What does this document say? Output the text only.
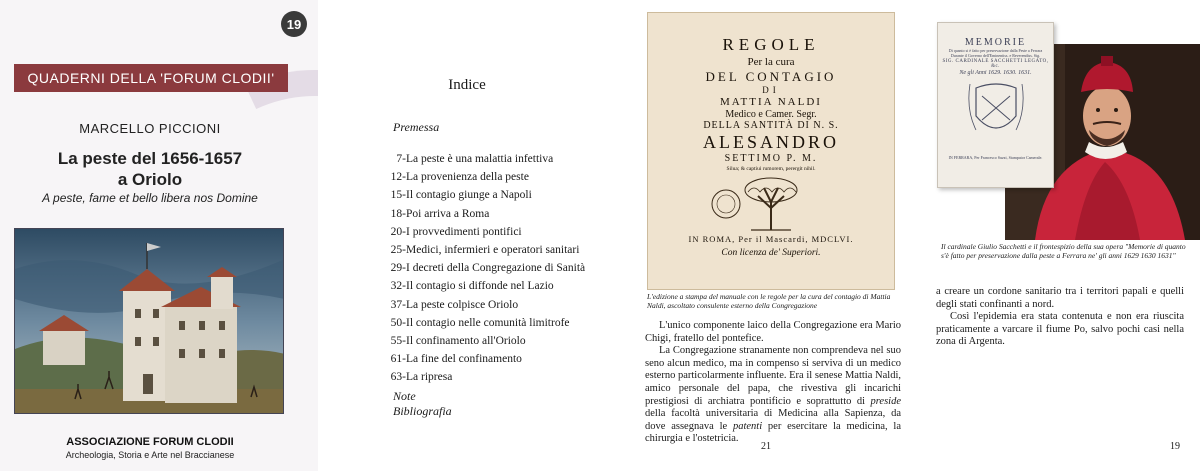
19
QUADERNI DELLA 'FORUM CLODII'
MARCELLO PICCIONI
La peste del 1656-1657
a Oriolo
A peste, fame et bello libera nos Domine
ASSOCIAZIONE FORUM CLODII
Archeologia, Storia e Arte nel Braccianese
Indice
Premessa
7- La peste è una malattia infettiva
12- La provenienza della peste
15- Il contagio giunge a Napoli
18- Poi arriva a Roma
20- I provvedimenti pontifici
25- Medici, infermieri e operatori sanitari
29- I decreti della Congregazione di Sanità
32- Il contagio si diffonde nel Lazio
37- La peste colpisce Oriolo
50- Il contagio nelle comunità limitrofe
55- Il confinamento all'Oriolo
61- La fine del confinamento
63- La ripresa
Note
Bibliografia
REGOLE
Per la cura
DEL CONTAGIO
DI
MATTIA NALDI
Medico e Camer. Segr.
DELLA SANTITÀ DI N. S.
ALESANDRO
SETTIMO P. M.
Silua; & captiui rumorem, perergit nihil.
IN ROMA, Per il Mascardi, MDCLVI.
Con licenza de' Superiori.
L'edizione a stampa del manuale con le regole per la cura del contagio di Mattia Naldi, ascoltato consulente esterno della Congregazione

L'unico componente laico della Congregazione era Mario Chigi, fratello del pontefice.

La Congregazione stranamente non comprendeva nel suo seno alcun medico, ma in compenso si serviva di un medico esterno particolarmente influente. Era il senese Mattia Naldi, amico personale del papa, che rivestiva gli incarichi prestigiosi di archiatra pontificio e soprattutto di preside della facoltà universitaria di Medicina alla Sapienza, da dove assegnava le patenti per esercitare la medicina, la chirurgia e l'ostetricia.

21
MEMORIE
Di quanto si è fatto per preservazione dalla Peste a Ferrara
Durante il Governo dell'Eminentiss. e Reverendiss. Sig.
SIG. CARDINALE SACCHETTI LEGATO, &c.
Ne gli Anni 1629. 1630. 1631.
IN FERRARA, Per Francesco Suzzi, Stampator Camerale.
Il cardinale Giulio Sacchetti e il frontespizio della sua opera "Memorie di quanto s'è fatto per preservazione dalla peste a Ferrara ne' gli anni 1629 1630 1631"

a creare un cordone sanitario tra i territori papali e quelli degli stati confinanti a nord.

Così l'epidemia era stata contenuta e non era riuscita praticamente a varcare il fiume Po, salvo pochi casi nella zona di Argenta.

19
